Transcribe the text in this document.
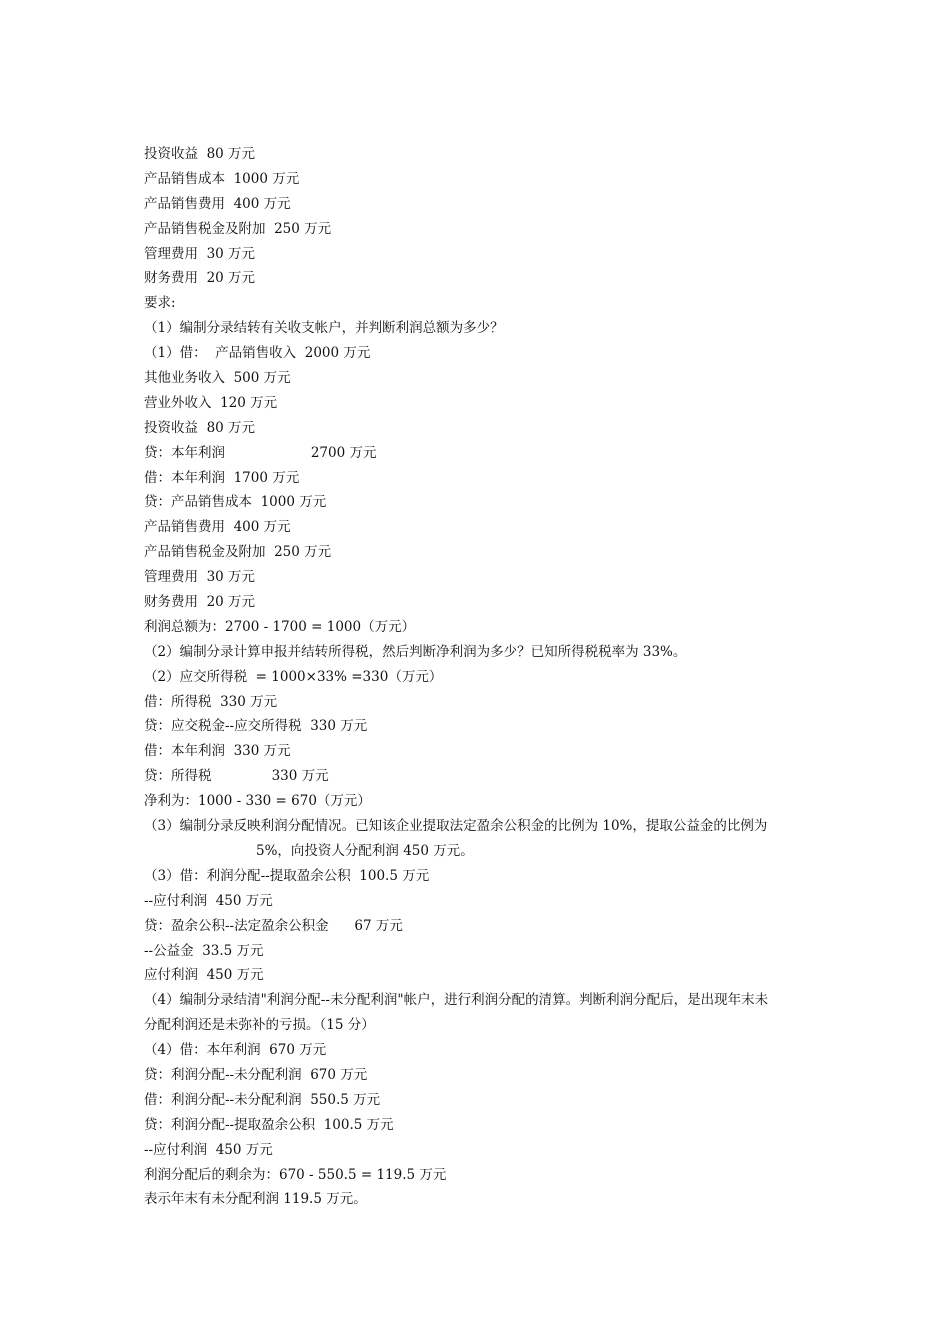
投资收益  80 万元
产品销售成本  1000 万元
产品销售费用  400 万元
产品销售税金及附加  250 万元
管理费用  30 万元
财务费用  20 万元
要求:
（1）编制分录结转有关收支帐户，并判断利润总额为多少？
（1）借：  产品销售收入  2000 万元
其他业务收入  500 万元
营业外收入  120 万元
投资收益  80 万元
贷：本年利润                    2700 万元
借：本年利润  1700 万元
贷：产品销售成本  1000 万元
产品销售费用  400 万元
产品销售税金及附加  250 万元
管理费用  30 万元
财务费用  20 万元
利润总额为：2700 - 1700 = 1000（万元）
（2）编制分录计算申报并结转所得税，然后判断净利润为多少？已知所得税税率为 33%。
（2）应交所得税  = 1000×33% =330（万元）
借：所得税  330 万元
贷：应交税金--应交所得税  330 万元
借：本年利润  330 万元
贷：所得税              330 万元
净利为：1000 - 330 = 670（万元）
（3）编制分录反映利润分配情况。已知该企业提取法定盈余公积金的比例为 10%，提取公益金的比例为
5%，向投资人分配利润 450 万元。
（3）借：利润分配--提取盈余公积  100.5 万元
--应付利润  450 万元
贷：盈余公积--法定盈余公积金      67 万元
--公益金  33.5 万元
应付利润  450 万元
（4）编制分录结清"利润分配--未分配利润"帐户，进行利润分配的清算。判断利润分配后，是出现年末未
分配利润还是未弥补的亏损。（15 分）
（4）借：本年利润  670 万元
贷：利润分配--未分配利润  670 万元
借：利润分配--未分配利润  550.5 万元
贷：利润分配--提取盈余公积  100.5 万元
--应付利润  450 万元
利润分配后的剩余为：670 - 550.5 = 119.5 万元
表示年末有未分配利润 119.5 万元。
